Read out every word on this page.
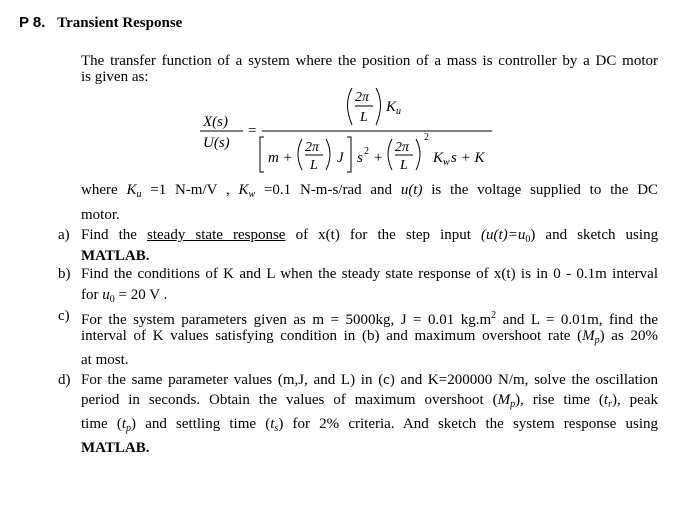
P 8. Transient Response
The transfer function of a system where the position of a mass is controller by a DC motor
is given as:
X(s)
U(s)
=
2π
L
K u
m +
2π
L J s 2 +
2π
L
2
K w s + K
where $K_u =1$ N-m/V , $K_w =0.1$ N-m-s/rad and u(t) is the voltage supplied to the DC
motor.
a) Find the steady state response of x(t) for the step input $(u(t)=u_0)$ and sketch using
MATLAB.
b) Find the conditions of K and L when the steady state response of x(t) is in 0 - 0.1m interval
for $u_0 = 20$ V .
c) For the system parameters given as m = 5000kg, J = 0.01 $kg.m^2$ and L = 0.01m, find the
interval of K values satisfying condition in (b) and maximum overshoot rate $(M_p)$ as 20%
at most.
d) For the same parameter values (m,J, and L) in (c) and K=200000 N/m, solve the oscillation
period in seconds. Obtain the values of maximum overshoot $(M_p)$, rise time $(t_r)$, peak
time $(t_p)$ and settling time $(t_s)$ for 2% criteria. And sketch the system response using
MATLAB.
